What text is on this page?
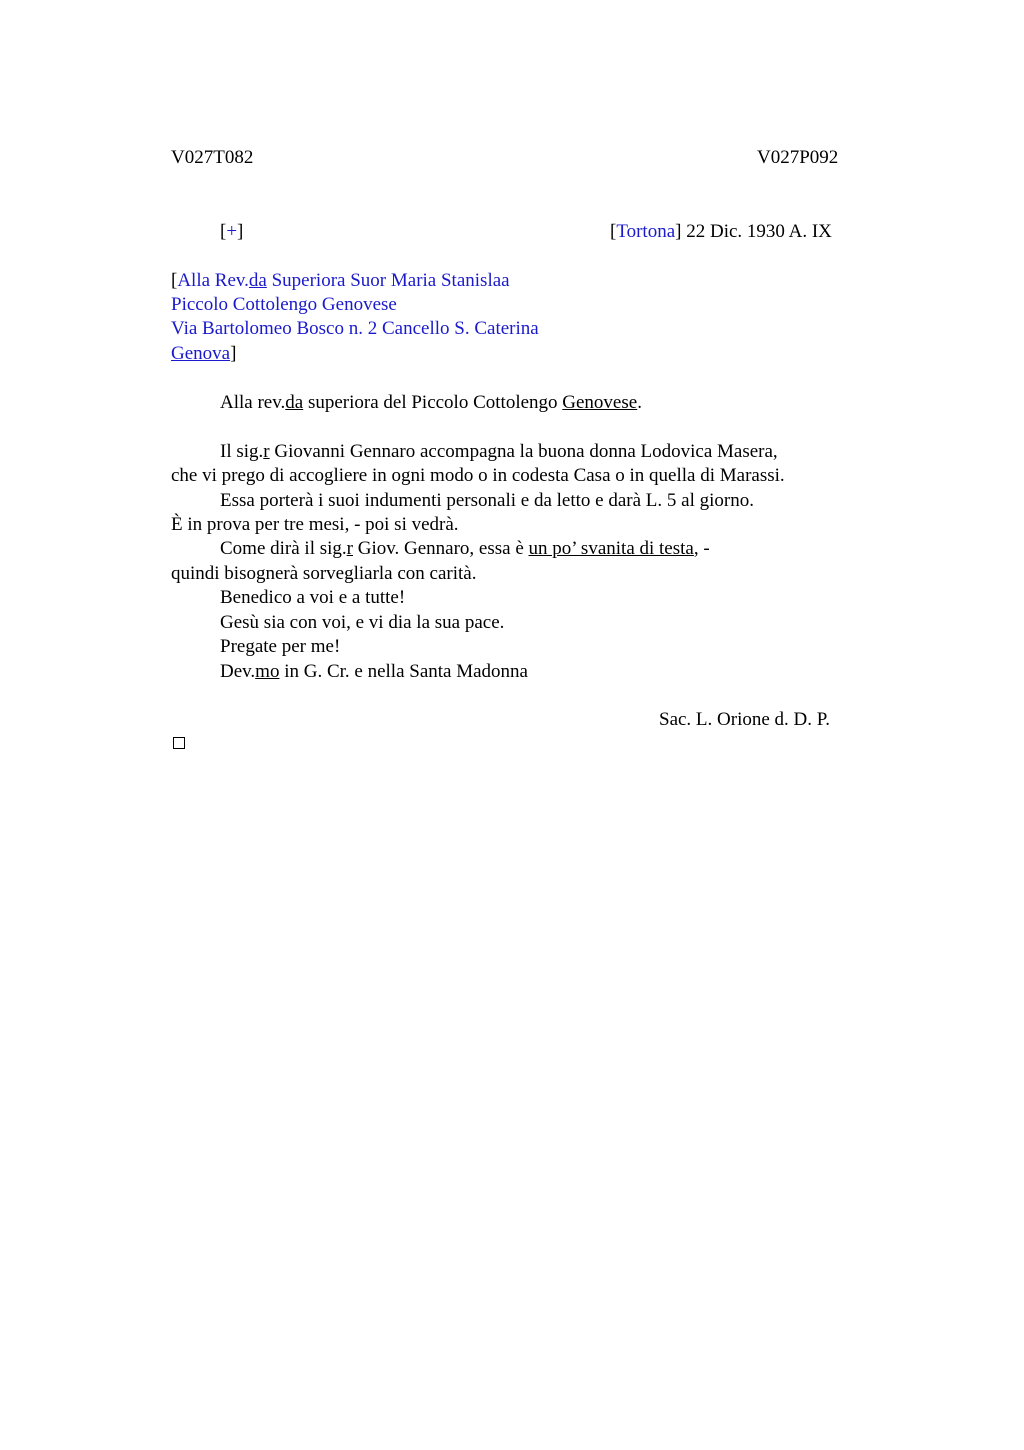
V027T082	V027P092
[+]	[Tortona] 22 Dic. 1930 A. IX
[Alla Rev.da Superiora Suor Maria Stanislaa
Piccolo Cottolengo Genovese
Via Bartolomeo Bosco n. 2 Cancello S. Caterina
Genova]
Alla rev.da superiora del Piccolo Cottolengo Genovese.
Il sig.r Giovanni Gennaro accompagna la buona donna Lodovica Masera,
che vi prego di accogliere in ogni modo o in codesta Casa o in quella di Marassi.
Essa porterà i suoi indumenti personali e da letto e darà L. 5 al giorno.
È in prova per tre mesi, - poi si vedrà.
Come dirà il sig.r Giov. Gennaro, essa è un po’ svanita di testa, -
quindi bisognerà sorvegliarla con carità.
Benedico a voi e a tutte!
Gesù sia con voi, e vi dia la sua pace.
Pregate per me!
Dev.mo in G. Cr. e nella Santa Madonna
Sac. L. Orione d. D. P.
